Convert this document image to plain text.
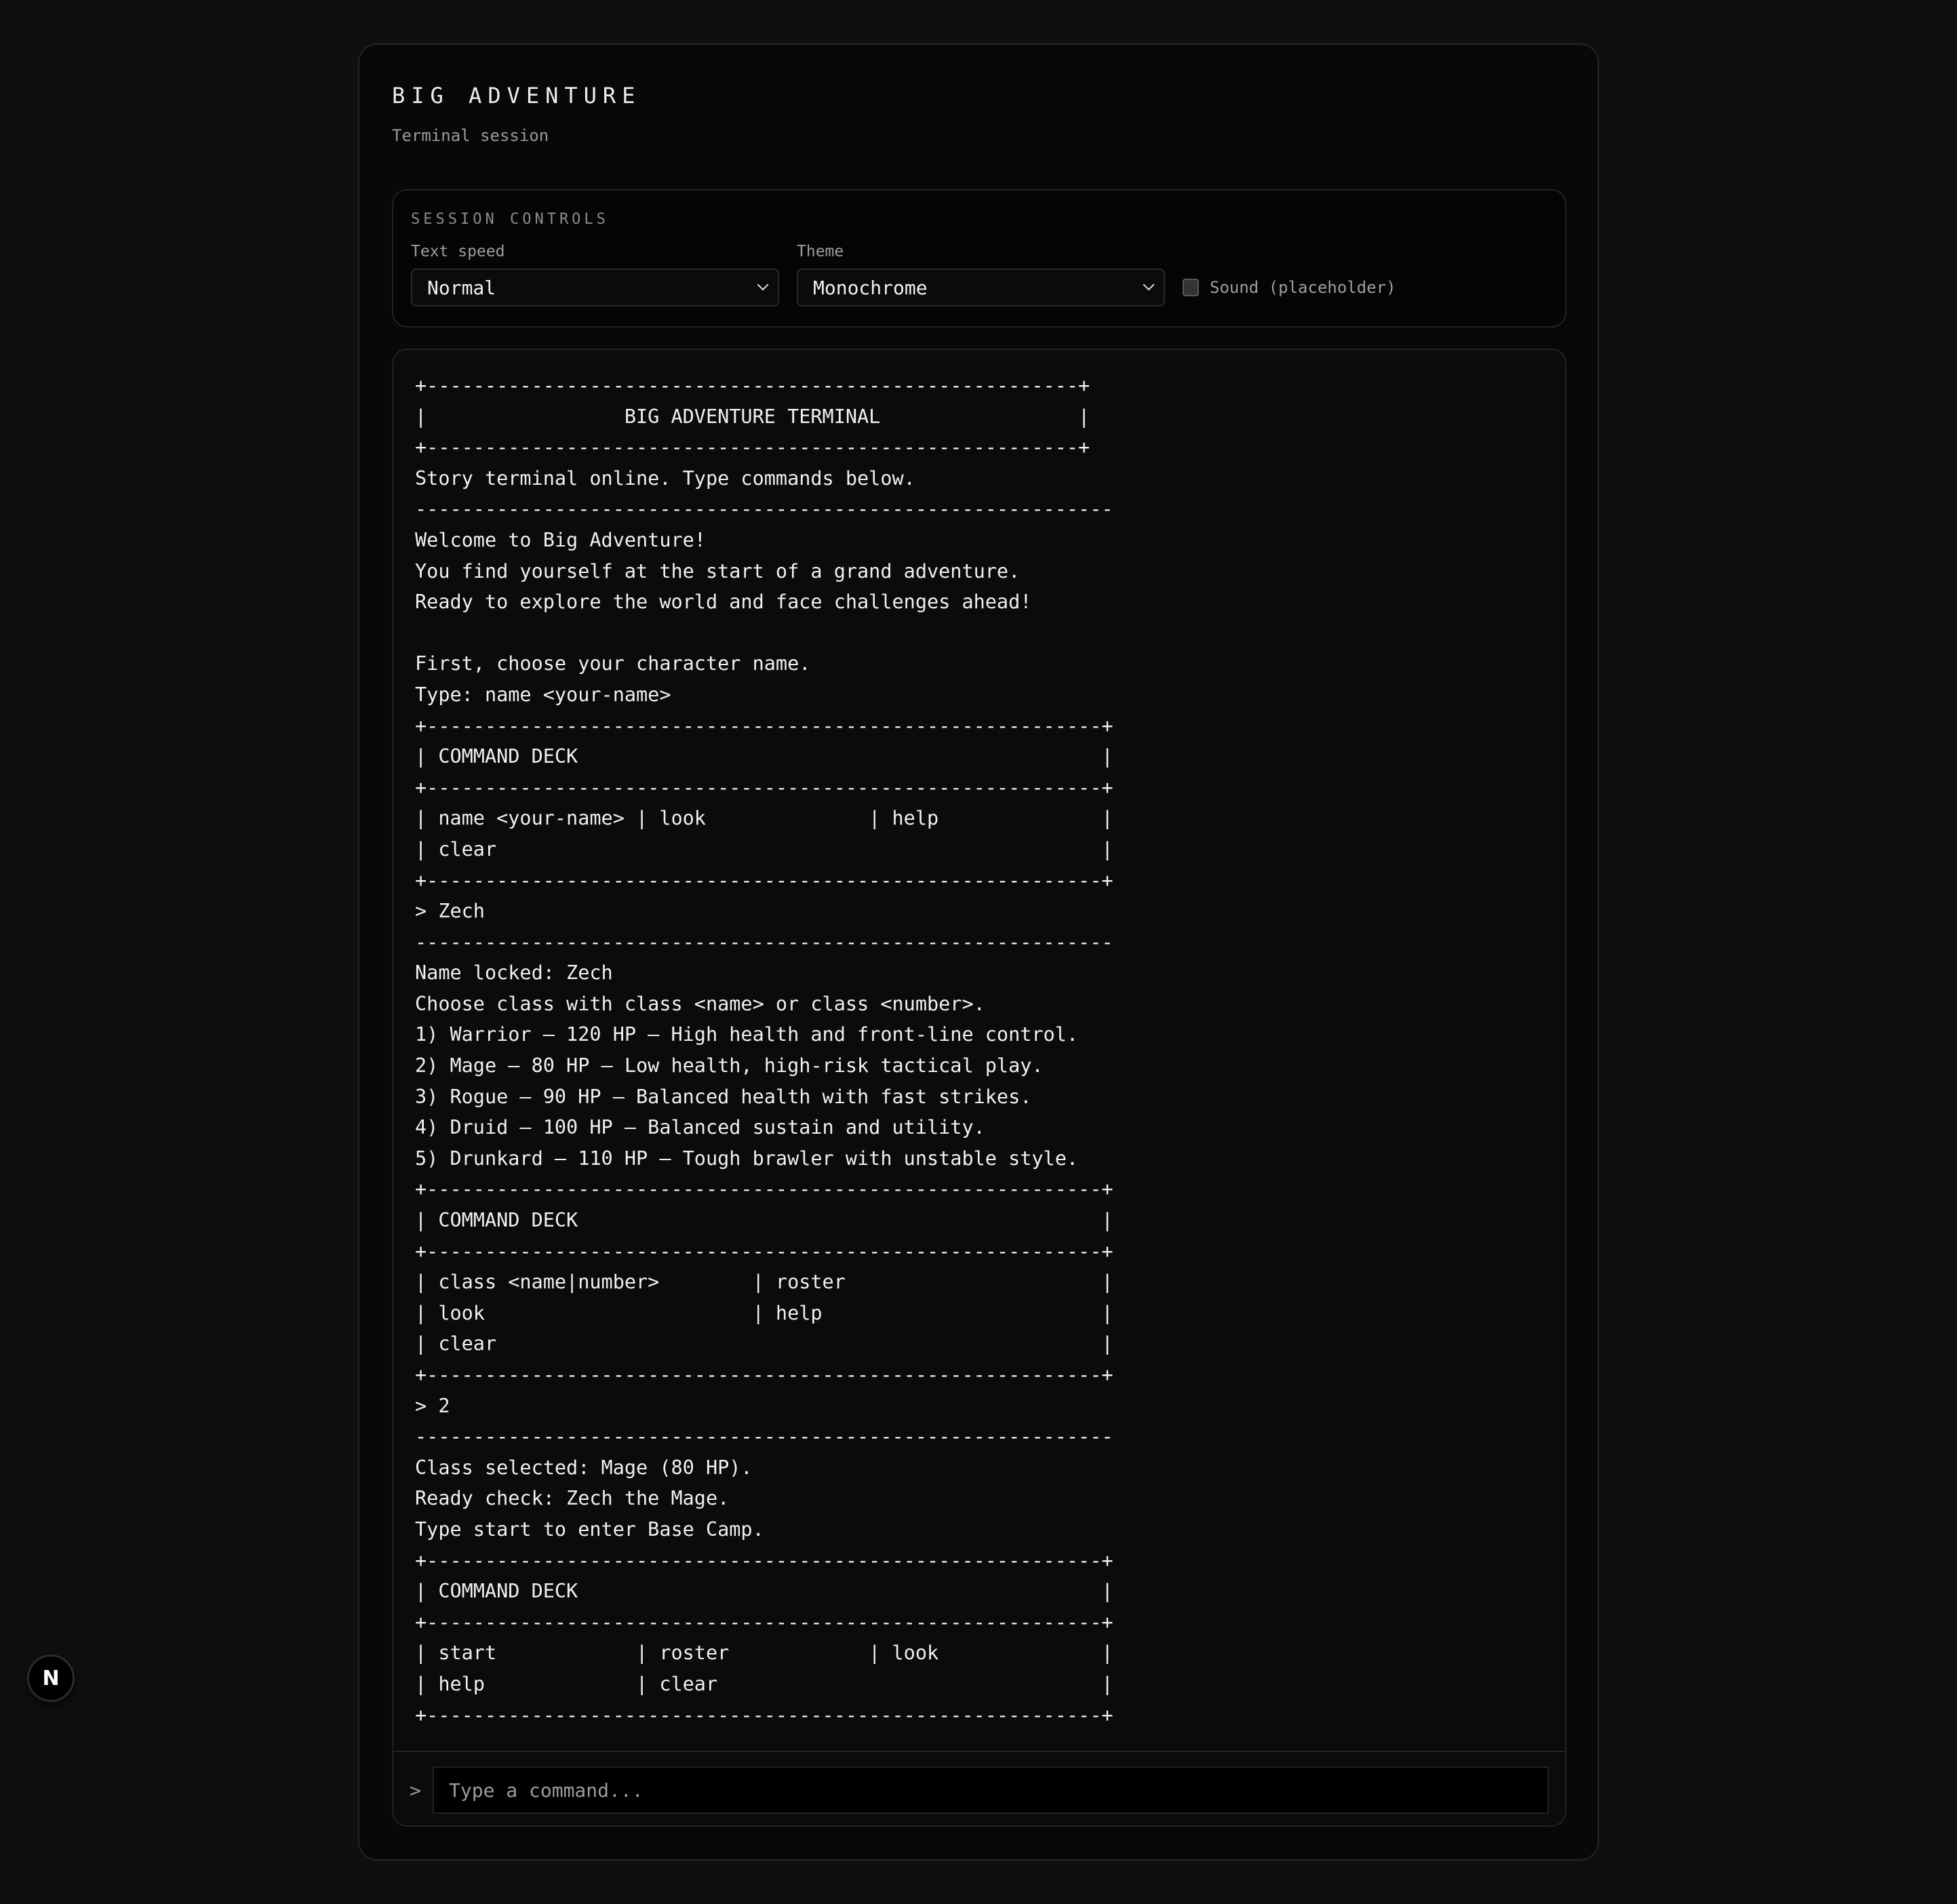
BIG ADVENTURE
Terminal session
SESSION CONTROLS
Text speed
Normal
Theme
Monochrome	Sound (placeholder)
+--------------------------------------------------------+
|                 BIG ADVENTURE TERMINAL                 |
+--------------------------------------------------------+
Story terminal online. Type commands below.
------------------------------------------------------------
Welcome to Big Adventure!
You find yourself at the start of a grand adventure.
Ready to explore the world and face challenges ahead!
First, choose your character name.
Type: name <your-name>
+----------------------------------------------------------+
| COMMAND DECK                                             |
+----------------------------------------------------------+
| name <your-name> | look              | help              |
| clear                                                    |
+----------------------------------------------------------+
> Zech
------------------------------------------------------------
Name locked: Zech
Choose class with class <name> or class <number>.
1) Warrior – 120 HP – High health and front-line control.
2) Mage – 80 HP – Low health, high-risk tactical play.
3) Rogue – 90 HP – Balanced health with fast strikes.
4) Druid – 100 HP – Balanced sustain and utility.
5) Drunkard – 110 HP – Tough brawler with unstable style.
+----------------------------------------------------------+
| COMMAND DECK                                             |
+----------------------------------------------------------+
| class <name|number>        | roster                      |
| look                       | help                        |
| clear                                                    |
+----------------------------------------------------------+
> 2
------------------------------------------------------------
Class selected: Mage (80 HP).
Ready check: Zech the Mage.
Type start to enter Base Camp.
+----------------------------------------------------------+
| COMMAND DECK                                             |
+----------------------------------------------------------+
| start            | roster            | look              |
| help             | clear                                 |
+----------------------------------------------------------+
>
Type a command...
N
